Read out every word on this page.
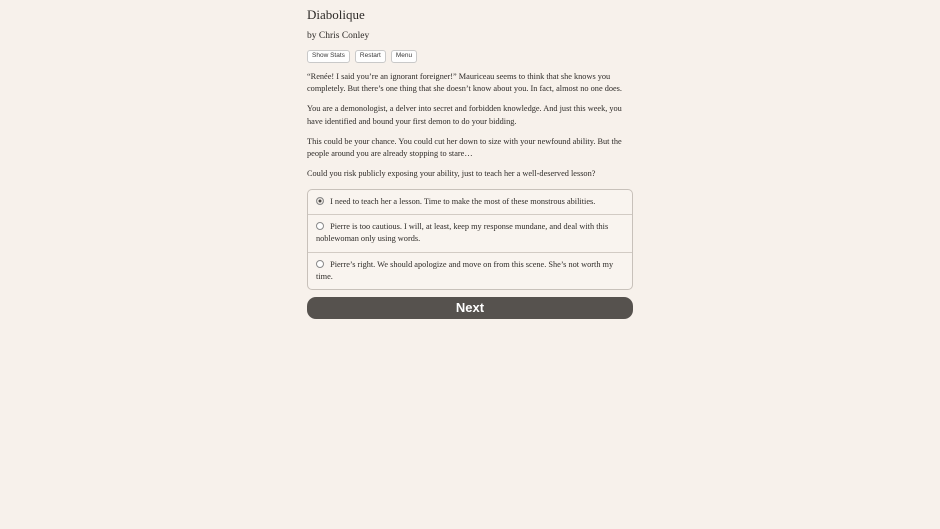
Diabolique
by Chris Conley
Show Stats	Restart	Menu

“Renée! I said you’re an ignorant foreigner!” Mauriceau seems to think that she knows you completely. But there’s one thing that she doesn’t know about you. In fact, almost no one does.

You are a demonologist, a delver into secret and forbidden knowledge. And just this week, you have identified and bound your first demon to do your bidding.

This could be your chance. You could cut her down to size with your newfound ability. But the people around you are already stopping to stare…

Could you risk publicly exposing your ability, just to teach her a well-deserved lesson?

I need to teach her a lesson. Time to make the most of these monstrous abilities.
Pierre is too cautious. I will, at least, keep my response mundane, and deal with this noblewoman only using words.
Pierre’s right. We should apologize and move on from this scene. She’s not worth my time.
Next
